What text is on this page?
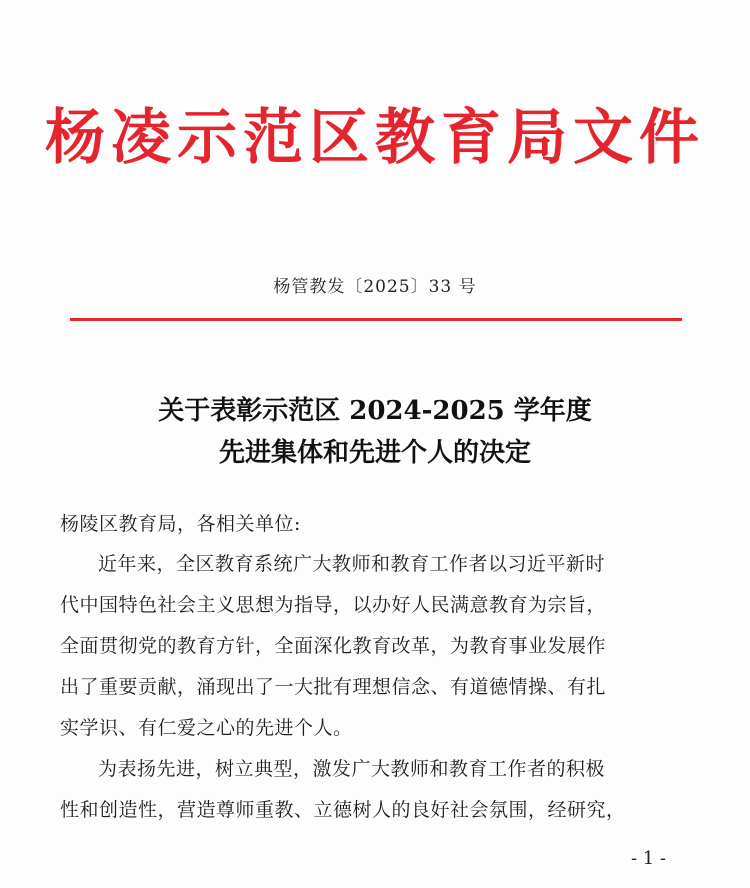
杨凌示范区教育局文件
杨管教发〔2025〕33 号
关于表彰示范区 2024-2025 学年度
先进集体和先进个人的决定
杨陵区教育局，各相关单位:
近年来，全区教育系统广大教师和教育工作者以习近平新时
代中国特色社会主义思想为指导，以办好人民满意教育为宗旨，
全面贯彻党的教育方针，全面深化教育改革，为教育事业发展作
出了重要贡献，涌现出了一大批有理想信念、有道德情操、有扎
实学识、有仁爱之心的先进个人。
为表扬先进，树立典型，激发广大教师和教育工作者的积极
性和创造性，营造尊师重教、立德树人的良好社会氛围，经研究，
- 1 -
